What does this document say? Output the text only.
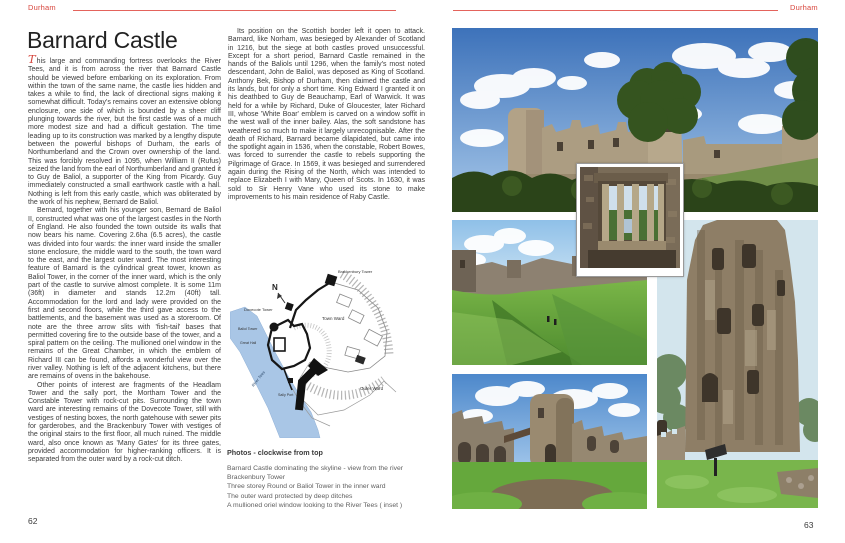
Durham	Durham
Barnard Castle

This large and commanding fortress overlooks the River Tees, and it is from across the river that Barnard Castle should be viewed before embarking on its exploration. From within the town of the same name, the castle lies hidden and takes a while to find, the lack of directional signs making it somewhat difficult. Today's remains cover an extensive oblong enclosure, one side of which is bounded by a sheer cliff plunging towards the river, but the first castle was of a much more modest size and had a difficult gestation. The time leading up to its construction was marked by a lengthy dispute between the powerful bishops of Durham, the earls of Northumberland and the Crown over ownership of the land. This was forcibly resolved in 1095, when William II (Rufus) seized the land from the earl of Northumberland and granted it to Guy de Baliol, a supporter of the King from Picardy. Guy immediately constructed a small earthwork castle with a hall. Nothing is left from this early castle, which was obliterated by the work of his nephew, Bernard de Baliol.

Bernard, together with his younger son, Bernard de Baliol II, constructed what was one of the largest castles in the North of England. He also founded the town outside its walls that now bears his name. Covering 2.6ha (6.5 acres), the castle was divided into four wards: the inner ward inside the smaller stone enclosure, the middle ward to the south, the town ward to the east, and the largest outer ward. The most interesting feature of Barnard is the cylindrical great tower, known as Baliol Tower, in the corner of the inner ward, which is the only part of the castle to survive almost complete. It is some 11m (36ft) in diameter and stands 12.2m (40ft) tall. Accommodation for the lord and lady were provided on the first and second floors, while the third gave access to the battlements, and the basement was used as a storeroom. Of note are the three arrow slits with 'fish-tail' bases that permitted covering fire to the outside base of the tower, and a spiral pattern on the ceiling. The mullioned oriel window in the remains of the Great Chamber, in which the emblem of Richard III can be found, affords a wonderful view over the river valley. Nothing is left of the adjacent kitchens, but there are remains of ovens in the bakehouse.

Other points of interest are fragments of the Headlam Tower and the sally port, the Mortham Tower and the Constable Tower with rock-cut pits. Surrounding the town ward are interesting remains of the Dovecote Tower, still with vestiges of nesting boxes, the north gatehouse with sewer pits for garderobes, and the Brackenbury Tower with vestiges of the original stairs to the first floor, all much ruined. The middle ward, also once known as 'Many Gates' for its three gates, provided accommodation for higher-ranking officers. It is separated from the outer ward by a rock-cut ditch.

Its position on the Scottish border left it open to attack. Barnard, like Norham, was besieged by Alexander of Scotland in 1216, but the siege at both castles proved unsuccessful. Except for a short period, Barnard Castle remained in the hands of the Baliols until 1296, when the family's most noted descendant, John de Baliol, was deposed as King of Scotland. Anthony Bek, Bishop of Durham, then claimed the castle and its lands, but for only a short time. King Edward I granted it on his deathbed to Guy de Beauchamp, Earl of Warwick. It was held for a while by Richard, Duke of Gloucester, later Richard III, whose 'White Boar' emblem is carved on a window soffit in the west wall of the inner bailey. Alas, the soft sandstone has weathered so much to make it largely unrecognisable. After the death of Richard, Barnard became dilapidated, but came into the spotlight again in 1536, when the constable, Robert Bowes, was forced to surrender the castle to rebels supporting the Pilgrimage of Grace. In 1569, it was besieged and surrendered again during the Rising of the North, which was intended to replace Elizabeth I with Mary, Queen of Scots. In 1630, it was sold to Sir Henry Vane who used its stone to make improvements to his main residence of Raby Castle.

N
Brackenbury Tower
Dovecote Tower
Town Ward
Baliol Tower
Great Hall
Sally Port
River Tees
Outer Ward

Photos - clockwise from top

Barnard Castle dominating the skyline - view from the river
Brackenbury Tower
Three storey Round or Baliol Tower in the inner ward
The outer ward protected by deep ditches
A mullioned oriel window looking to the River Tees ( inset )
62	63
